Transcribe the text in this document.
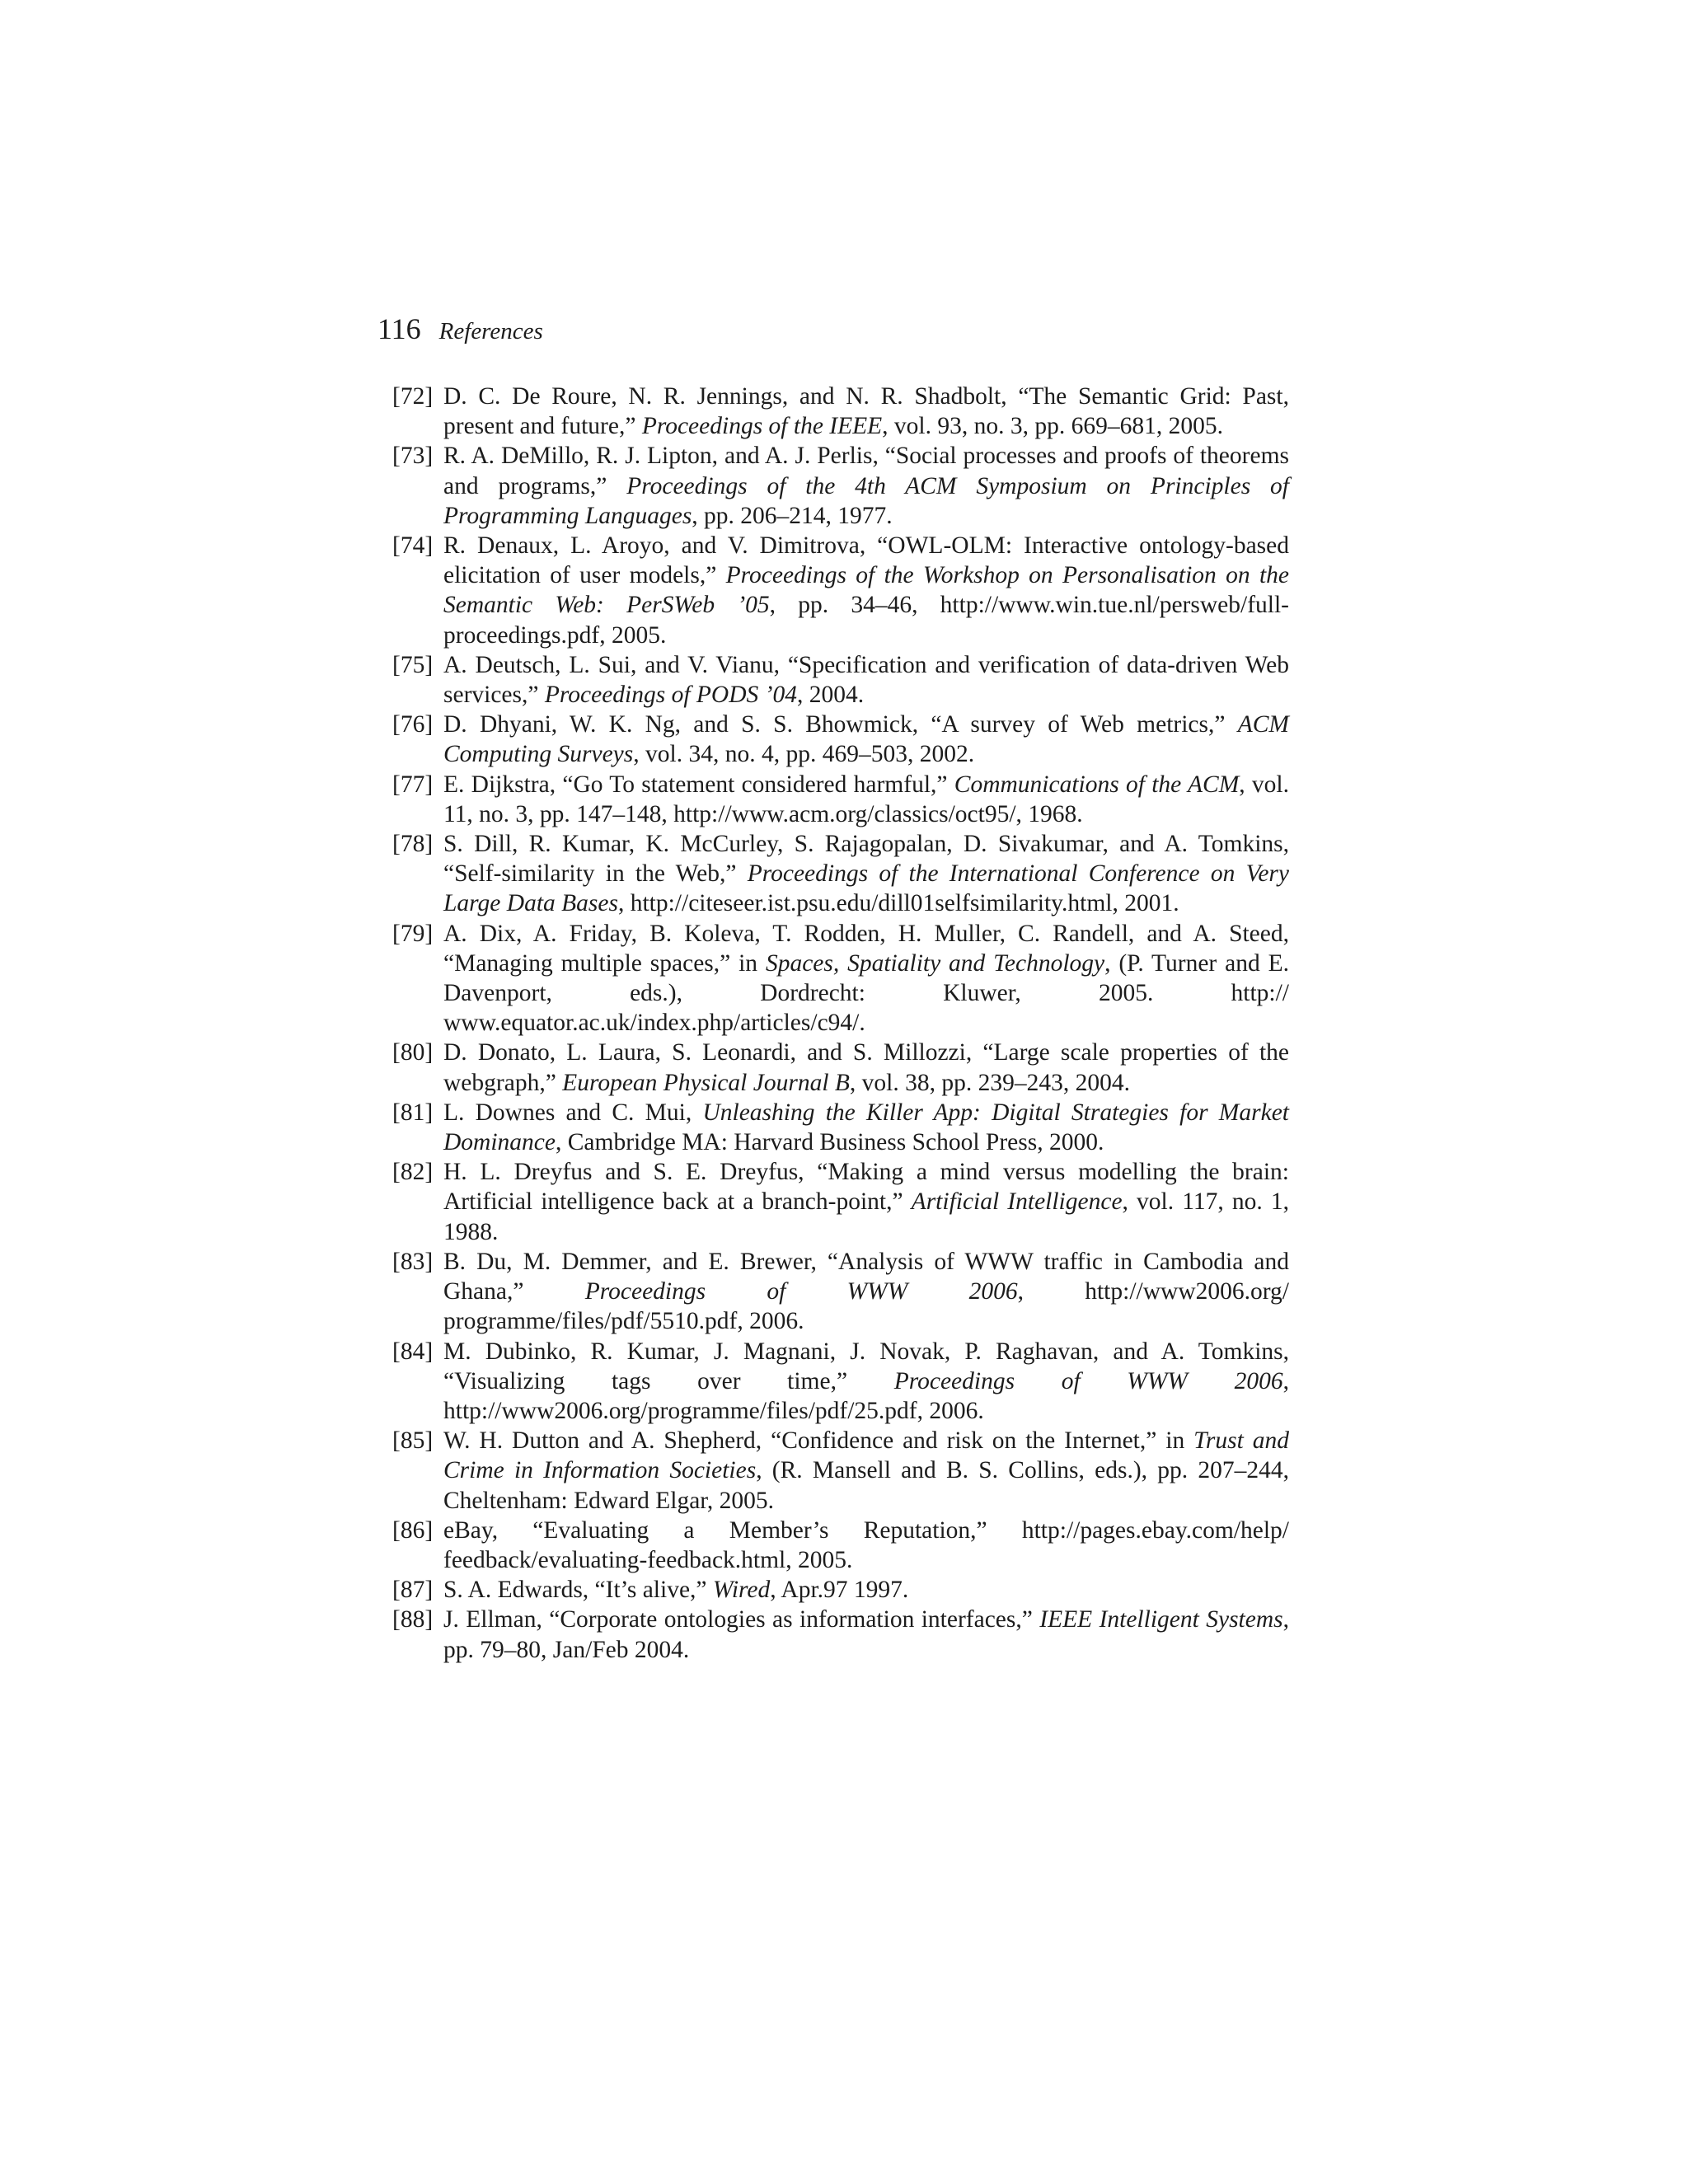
116 References
[72] D. C. De Roure, N. R. Jennings, and N. R. Shadbolt, “The Semantic Grid: Past, present and future,” Proceedings of the IEEE, vol. 93, no. 3, pp. 669–681, 2005.
[73] R. A. DeMillo, R. J. Lipton, and A. J. Perlis, “Social processes and proofs of theorems and programs,” Proceedings of the 4th ACM Symposium on Principles of Programming Languages, pp. 206–214, 1977.
[74] R. Denaux, L. Aroyo, and V. Dimitrova, “OWL-OLM: Interactive ontology-based elicitation of user models,” Proceedings of the Workshop on Personalisation on the Semantic Web: PerSWeb ’05, pp. 34–46, http://www.​win.tue.nl/persweb/full-proceedings.pdf, 2005.
[75] A. Deutsch, L. Sui, and V. Vianu, “Specification and verification of data-driven Web services,” Proceedings of PODS ’04, 2004.
[76] D. Dhyani, W. K. Ng, and S. S. Bhowmick, “A survey of Web metrics,” ACM Computing Surveys, vol. 34, no. 4, pp. 469–503, 2002.
[77] E. Dijkstra, “Go To statement considered harmful,” Communications of the ACM, vol. 11, no. 3, pp. 147–148, http://www.acm.org/classics/oct95/, 1968.
[78] S. Dill, R. Kumar, K. McCurley, S. Rajagopalan, D. Sivakumar, and A. Tomkins, “Self-similarity in the Web,” Proceedings of the International Conference on Very Large Data Bases, http://citeseer.ist.psu.edu/​dill01selfsimilarity.html, 2001.
[79] A. Dix, A. Friday, B. Koleva, T. Rodden, H. Muller, C. Randell, and A. Steed, “Managing multiple spaces,” in Spaces, Spatiality and Technology, (P. Turner and E. Davenport, eds.), Dordrecht: Kluwer, 2005. http://​www.equator.ac.uk/index.php/articles/c94/.
[80] D. Donato, L. Laura, S. Leonardi, and S. Millozzi, “Large scale properties of the webgraph,” European Physical Journal B, vol. 38, pp. 239–243, 2004.
[81] L. Downes and C. Mui, Unleashing the Killer App: Digital Strategies for Market Dominance, Cambridge MA: Harvard Business School Press, 2000.
[82] H. L. Dreyfus and S. E. Dreyfus, “Making a mind versus modelling the brain: Artificial intelligence back at a branch-point,” Artificial Intelligence, vol. 117, no. 1, 1988.
[83] B. Du, M. Demmer, and E. Brewer, “Analysis of WWW traffic in Cambodia and Ghana,” Proceedings of WWW 2006, http://www2006.org/​programme/files/pdf/5510.pdf, 2006.
[84] M. Dubinko, R. Kumar, J. Magnani, J. Novak, P. Raghavan, and A. Tomkins, “Visualizing tags over time,” Proceedings of WWW 2006, http://www2006.org/programme/files/pdf/25.pdf, 2006.
[85] W. H. Dutton and A. Shepherd, “Confidence and risk on the Internet,” in Trust and Crime in Information Societies, (R. Mansell and B. S. Collins, eds.), pp. 207–244, Cheltenham: Edward Elgar, 2005.
[86] eBay, “Evaluating a Member’s Reputation,” http://pages.ebay.com/help/​feedback/evaluating-feedback.html, 2005.
[87] S. A. Edwards, “It’s alive,” Wired, Apr.97 1997.
[88] J. Ellman, “Corporate ontologies as information interfaces,” IEEE Intelligent Systems, pp. 79–80, Jan/Feb 2004.
